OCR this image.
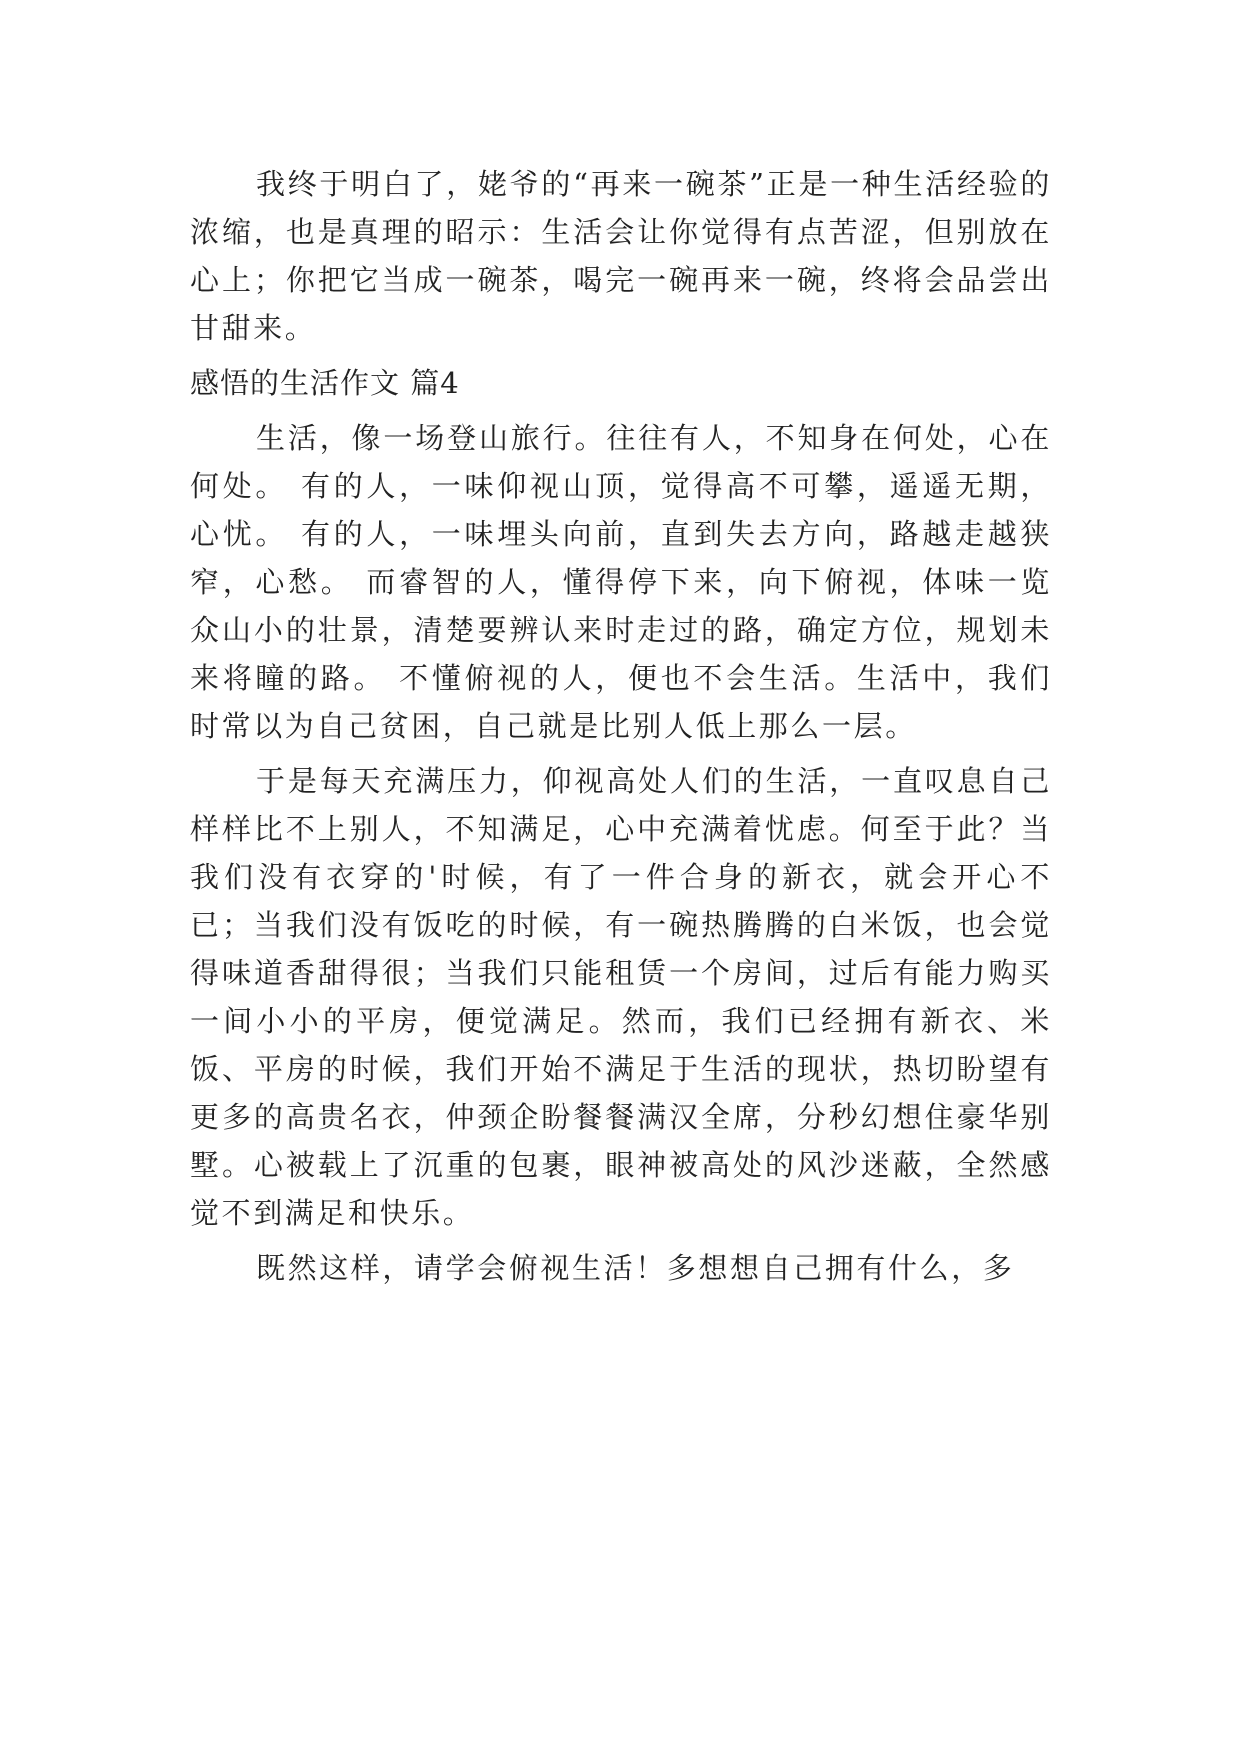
我终于明白了，姥爷的“再来一碗茶”正是一种生活经验的浓缩，也是真理的昭示：生活会让你觉得有点苦涩，但别放在心上；你把它当成一碗茶，喝完一碗再来一碗，终将会品尝出甘甜来。

感悟的生活作文 篇4

生活，像一场登山旅行。往往有人，不知身在何处，心在何处。 有的人，一味仰视山顶，觉得高不可攀，遥遥无期，心忧。 有的人，一味埋头向前，直到失去方向，路越走越狭窄，心愁。 而睿智的人，懂得停下来，向下俯视，体味一览众山小的壮景，清楚要辨认来时走过的路，确定方位，规划未来将瞳的路。 不懂俯视的人，便也不会生活。生活中，我们时常以为自己贫困，自己就是比别人低上那么一层。

于是每天充满压力，仰视高处人们的生活，一直叹息自己样样比不上别人，不知满足，心中充满着忧虑。何至于此？当我们没有衣穿的'时候，有了一件合身的新衣，就会开心不已；当我们没有饭吃的时候，有一碗热腾腾的白米饭，也会觉得味道香甜得很；当我们只能租赁一个房间，过后有能力购买一间小小的平房，便觉满足。然而，我们已经拥有新衣、米饭、平房的时候，我们开始不满足于生活的现状，热切盼望有更多的高贵名衣，仲颈企盼餐餐满汉全席，分秒幻想住豪华别墅。心被载上了沉重的包裹，眼神被高处的风沙迷蔽，全然感觉不到满足和快乐。

既然这样，请学会俯视生活！多想想自己拥有什么，多
